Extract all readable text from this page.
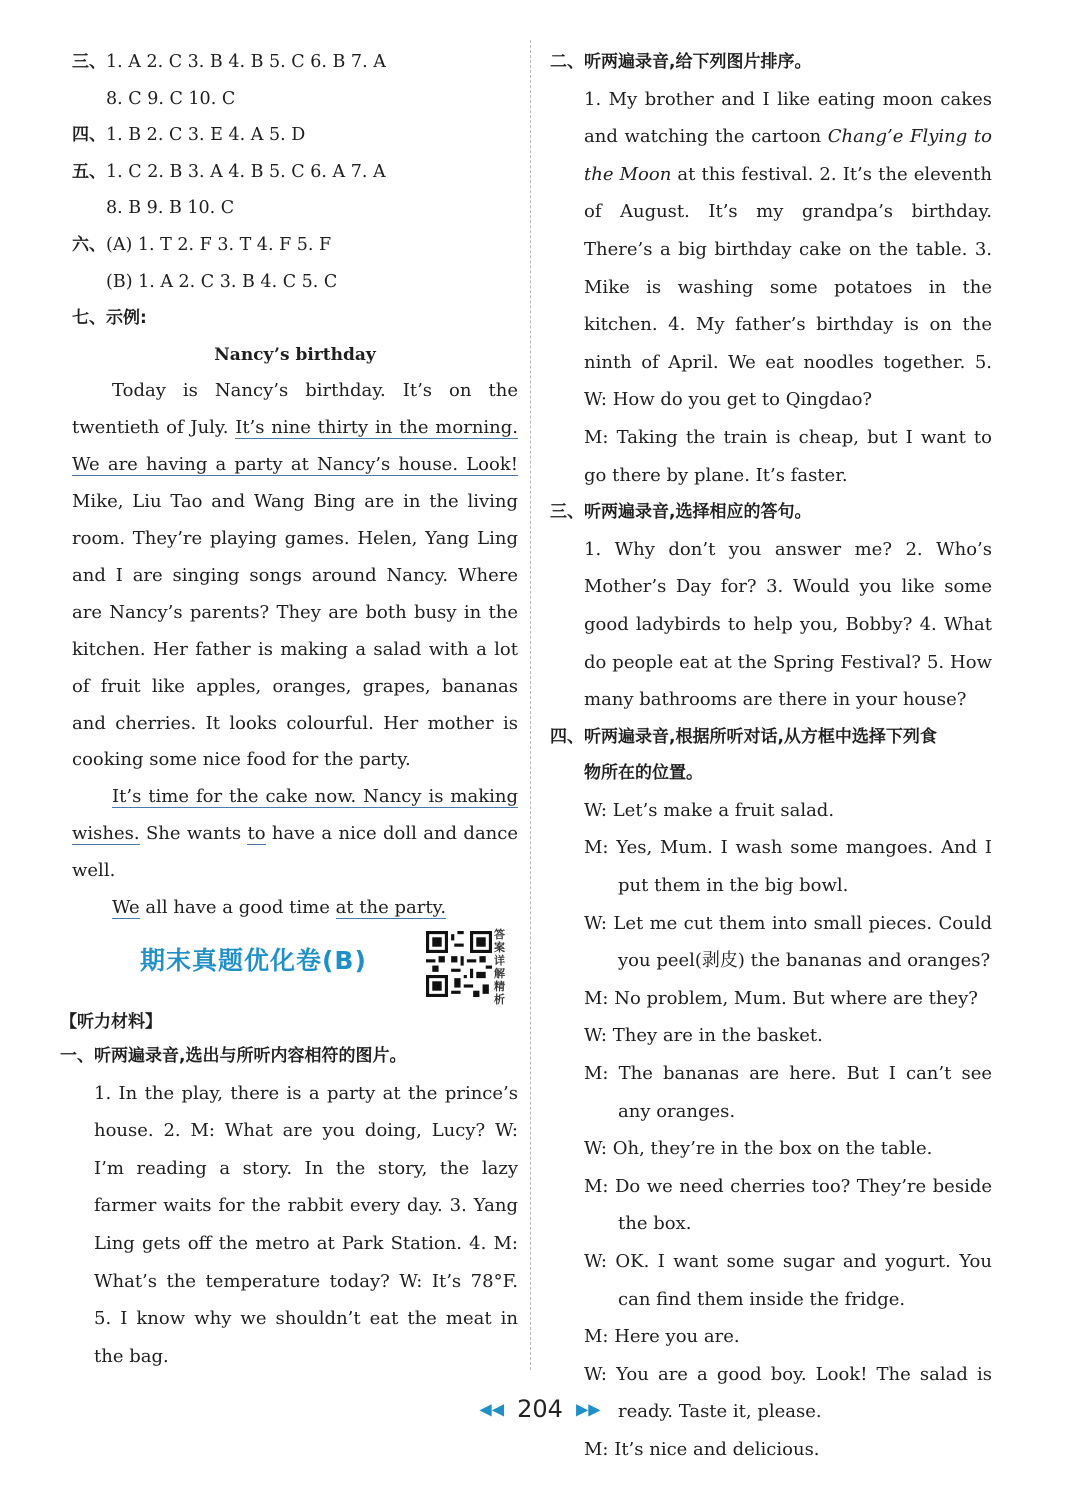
三、1. A 2. C 3. B 4. B 5. C 6. B 7. A
8. C 9. C 10. C
四、1. B 2. C 3. E 4. A 5. D
五、1. C 2. B 3. A 4. B 5. C 6. A 7. A
8. B 9. B 10. C
六、(A) 1. T 2. F 3. T 4. F 5. F
(B) 1. A 2. C 3. B 4. C 5. C
七、示例:
Nancy’s birthday

Today is Nancy’s birthday. It’s on the twentieth of July. It’s nine thirty in the morning. We are having a party at Nancy’s house. Look! Mike, Liu Tao and Wang Bing are in the living room. They’re playing games. Helen, Yang Ling and I are singing songs around Nancy. Where are Nancy’s parents? They are both busy in the kitchen. Her father is making a salad with a lot of fruit like apples, oranges, grapes, bananas and cherries. It looks colourful. Her mother is cooking some nice food for the party.

It’s time for the cake now. Nancy is making wishes. She wants to have a nice doll and dance well.

We all have a good time at the party.

期末真题优化卷(B)
答案详解精析
【听力材料】
一、听两遍录音,选出与所听内容相符的图片。

1. In the play, there is a party at the prince’s house. 2. M: What are you doing, Lucy? W: I’m reading a story. In the story, the lazy farmer waits for the rabbit every day. 3. Yang Ling gets off the metro at Park Station. 4. M: What’s the temperature today? W: It’s 78°F. 5. I know why we shouldn’t eat the meat in the bag.

二、听两遍录音,给下列图片排序。

1. My brother and I like eating moon cakes and watching the cartoon Chang’e Flying to the Moon at this festival. 2. It’s the eleventh of August. It’s my grandpa’s birthday. There’s a big birthday cake on the table. 3. Mike is washing some potatoes in the kitchen. 4. My father’s birthday is on the ninth of April. We eat noodles together. 5. W: How do you get to Qingdao?

M: Taking the train is cheap, but I want to go there by plane. It’s faster.

三、听两遍录音,选择相应的答句。

1. Why don’t you answer me? 2. Who’s Mother’s Day for? 3. Would you like some good ladybirds to help you, Bobby? 4. What do people eat at the Spring Festival? 5. How many bathrooms are there in your house?

四、听两遍录音,根据所听对话,从方框中选择下列食
物所在的位置。

W: Let’s make a fruit salad.

M: Yes, Mum. I wash some mangoes. And I put them in the big bowl.

W: Let me cut them into small pieces. Could you peel(剥皮) the bananas and oranges?

M: No problem, Mum. But where are they?

W: They are in the basket.

M: The bananas are here. But I can’t see any oranges.

W: Oh, they’re in the box on the table.

M: Do we need cherries too? They’re beside the box.

W: OK. I want some sugar and yogurt. You can find them inside the fridge.

M: Here you are.

W: You are a good boy. Look! The salad is ready. Taste it, please.

M: It’s nice and delicious.

◀◀ 204 ▶▶
